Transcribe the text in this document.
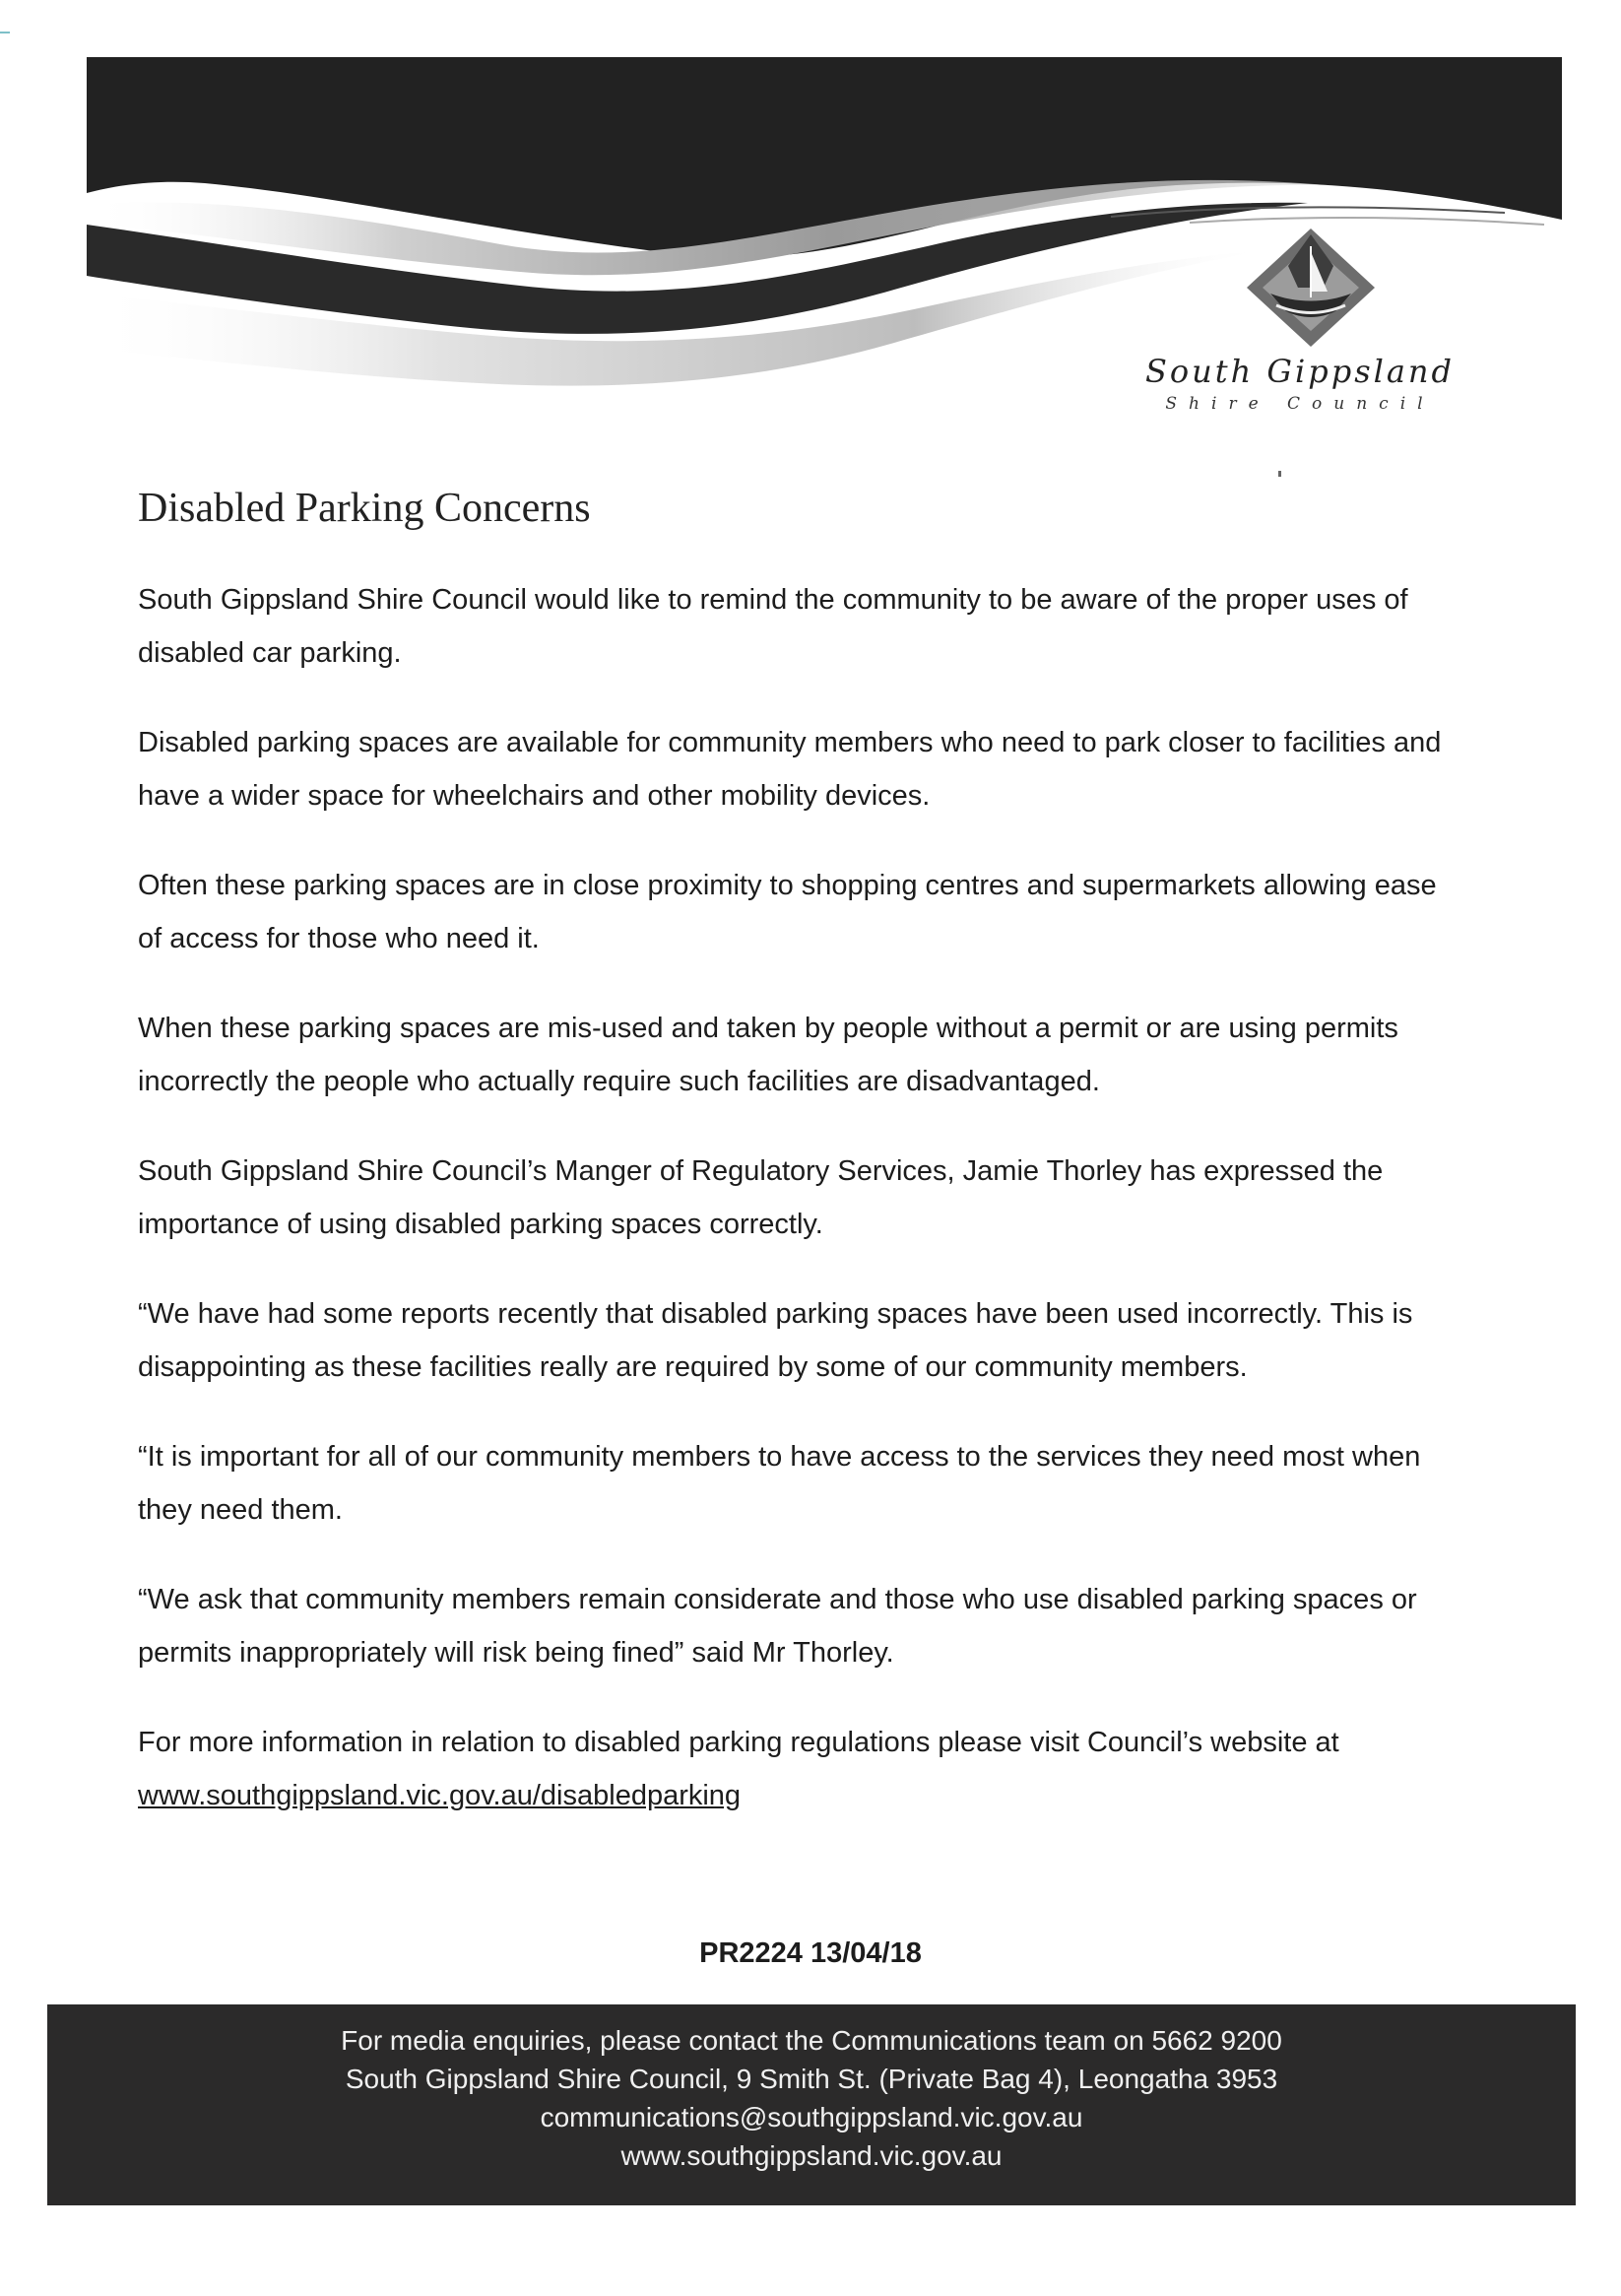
South Gippsland
Shire Council
Disabled Parking Concerns

South Gippsland Shire Council would like to remind the community to be aware of the proper uses of disabled car parking.

Disabled parking spaces are available for community members who need to park closer to facilities and have a wider space for wheelchairs and other mobility devices.

Often these parking spaces are in close proximity to shopping centres and supermarkets allowing ease of access for those who need it.

When these parking spaces are mis-used and taken by people without a permit or are using permits incorrectly the people who actually require such facilities are disadvantaged.

South Gippsland Shire Council’s Manger of Regulatory Services, Jamie Thorley has expressed the importance of using disabled parking spaces correctly.

“We have had some reports recently that disabled parking spaces have been used incorrectly. This is disappointing as these facilities really are required by some of our community members.

“It is important for all of our community members to have access to the services they need most when they need them.

“We ask that community members remain considerate and those who use disabled parking spaces or permits inappropriately will risk being fined” said Mr Thorley.

For more information in relation to disabled parking regulations please visit Council’s website at www.southgippsland.vic.gov.au/disabledparking

PR2224 13/04/18
For media enquiries, please contact the Communications team on 5662 9200
South Gippsland Shire Council, 9 Smith St. (Private Bag 4), Leongatha 3953
communications@southgippsland.vic.gov.au
www.southgippsland.vic.gov.au
